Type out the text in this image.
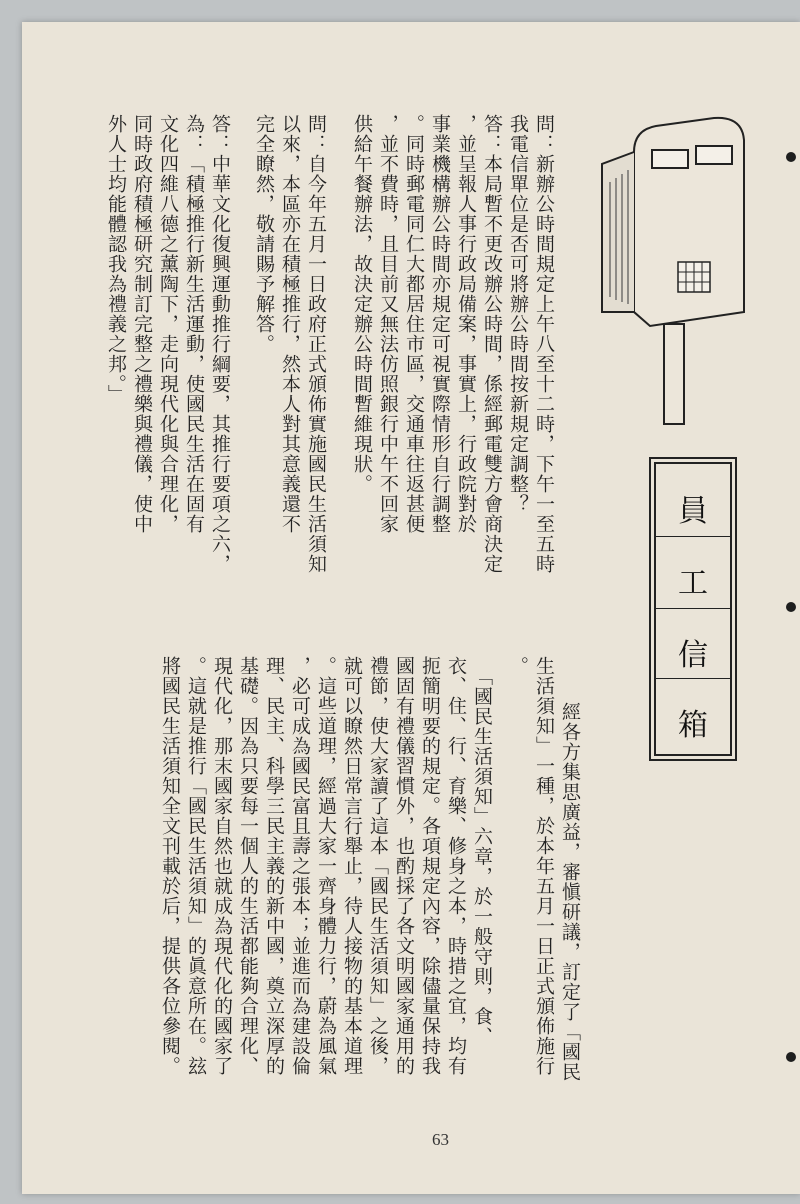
員
工
信
箱
問：新辦公時間規定上午八至十二時，下午一至五時
我電信單位是否可將辦公時間按新規定調整？
答：本局暫不更改辦公時間，係經郵電雙方會商決定
，並呈報人事行政局備案，事實上，行政院對於
事業機構辦公時間亦規定可視實際情形自行調整
。同時郵電同仁大都居住市區，交通車往返甚便
，並不費時，且目前又無法仿照銀行中午不回家
供給午餐辦法，故決定辦公時間暫維現狀。
問：自今年五月一日政府正式頒佈實施國民生活須知
以來，本區亦在積極推行，然本人對其意義還不
完全瞭然，敬請賜予解答。
答：中華文化復興運動推行綱要，其推行要項之六，
為：「積極推行新生活運動，使國民生活在固有
文化四維八德之薰陶下，走向現代化與合理化，
同時政府積極研究制訂完整之禮樂與禮儀，使中
外人士均能體認我為禮義之邦。」
經各方集思廣益，審愼研議，訂定了「國民
生活須知」一種，於本年五月一日正式頒佈施行
。
　「國民生活須知」六章，於一般守則，食、
衣、住、行、育樂、修身之本，時措之宜，均有
扼簡明要的規定。各項規定內容，除儘量保持我
國固有禮儀習慣外，也酌採了各文明國家通用的
禮節，使大家讀了這本「國民生活須知」之後，
就可以瞭然日常言行舉止，待人接物的基本道理
。這些道理，經過大家一齊身體力行，蔚為風氣
，必可成為國民富且壽之張本；並進而為建設倫
理、民主、科學三民主義的新中國，奠立深厚的
基礎。因為只要每一個人的生活都能夠合理化、
現代化，那末國家自然也就成為現代化的國家了
。這就是推行「國民生活須知」的眞意所在。玆
將國民生活須知全文刊載於后，提供各位參閱。
63
